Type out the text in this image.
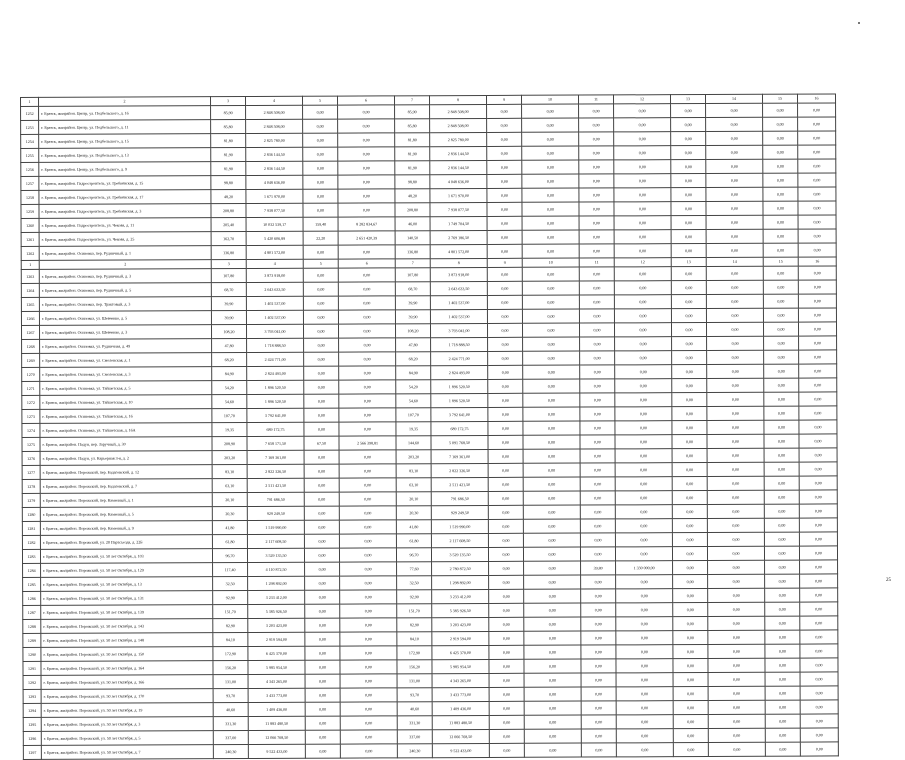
1	2	3	4	5	6	7	8	9	10	11	12	13	14	15	16
1252	г. Братск, жилрайон. Центр, ул. Подбельского, д. 16	85,90	2 848 508,00	0,00	0,00	85,90	2 848 508,00	0,00	0,00	0,00	0,00	0,00	0,00	0,00	0,00
1253	г. Братск, жилрайон. Центр, ул. Подбельского, д. 11	85,80	2 848 508,00	0,00	0,00	85,80	2 848 508,00	0,00	0,00	0,00	0,00	0,00	0,00	0,00	0,00
1254	г. Братск, жилрайон. Центр, ул. Подбельского, д. 15	81,80	2 825 780,00	0,00	0,00	81,80	2 825 780,00	0,00	0,00	0,00	0,00	0,00	0,00	0,00	0,00
1255	г. Братск, жилрайон. Центр, ул. Подбельского, д. 13	81,90	2 836 144,50	0,00	0,00	81,90	2 836 144,50	0,00	0,00	0,00	0,00	0,00	0,00	0,00	0,00
1256	г. Братск, жилрайон. Центр, ул. Подбельского, д. 9	81,90	2 836 144,50	0,00	0,00	81,90	2 836 144,50	0,00	0,00	0,00	0,00	0,00	0,00	0,00	0,00
1257	г. Братск, жилрайон. Гидростроитель, ул. Гребнёвская, д. 15	98,80	4 048 636,00	0,00	0,00	98,80	4 048 636,00	0,00	0,00	0,00	0,00	0,00	0,00	0,00	0,00
1258	г. Братск, жилрайон. Гидростроитель, ул. Гребнёвская, д. 17	48,20	1 671 970,00	0,00	0,00	48,20	1 671 970,00	0,00	0,00	0,00	0,00	0,00	0,00	0,00	0,00
1259	г. Братск, жилрайон. Гидростроитель, ул. Гребнёвская, д. 3	208,80	7 938 077,50	0,00	0,00	208,80	7 938 077,50	0,00	0,00	0,00	0,00	0,00	0,00	0,00	0,00
1260	г. Братск, жилрайон. Гидростроитель, ул. Чекова, д. 11	205,40	10 032 539,17	159,40	8 282 834,67	46,00	1 749 704,50	0,00	0,00	0,00	0,00	0,00	0,00	0,00	0,00
1261	г. Братск, жилрайон. Гидростроитель, ул. Чекова, д. 25	162,70	5 420 606,89	22,20	2 651 420,39	140,50	2 769 186,50	0,00	0,00	0,00	0,00	0,00	0,00	0,00	0,00
1262	г. Братск, жилрайон. Осиновка, пер. Рудничный, д. 1	136,80	4 801 572,00	0,00	0,00	136,80	4 801 572,00	0,00	0,00	0,00	0,00	0,00	0,00	0,00	0,00
1	2	3	4	5	6	7	8	9	10	11	12	13	14	15	16
1263	г. Братск, жилрайон. Осиновка, пер. Рудничный, д. 3	107,80	3 873 918,00	0,00	0,00	107,80	3 873 918,00	0,00	0,00	0,00	0,00	0,00	0,00	0,00	0,00
1264	г. Братск, жилрайон. Осиновка, пер. Рудничный, д. 5	68,70	2 643 633,50	0,00	0,00	68,70	2 643 633,50	0,00	0,00	0,00	0,00	0,00	0,00	0,00	0,00
1265	г. Братск, жилрайон. Осиновка, пер. Трактовый, д. 3	39,90	1 402 537,00	0,00	0,00	39,90	1 402 537,00	0,00	0,00	0,00	0,00	0,00	0,00	0,00	0,00
1266	г. Братск, жилрайон. Осиновка, ул. Шевченко, д. 5	39,90	1 402 537,00	0,00	0,00	39,90	1 402 537,00	0,00	0,00	0,00	0,00	0,00	0,00	0,00	0,00
1267	г. Братск, жилрайон. Осиновка, ул. Шевченко, д. 3	108,20	3 793 041,00	0,00	0,00	108,20	3 793 041,00	0,00	0,00	0,00	0,00	0,00	0,00	0,00	0,00
1268	г. Братск, жилрайон. Осиновка, ул. Рудничная, д. 49	47,80	1 718 888,50	0,00	0,00	47,80	1 718 888,50	0,00	0,00	0,00	0,00	0,00	0,00	0,00	0,00
1269	г. Братск, жилрайон. Осиновка, ул. Смоленская, д. 1	68,20	2 424 771,00	0,00	0,00	68,20	2 424 771,00	0,00	0,00	0,00	0,00	0,00	0,00	0,00	0,00
1270	г. Братск, жилрайон. Осиновка, ул. Смоленская, д. 3	84,90	2 824 493,00	0,00	0,00	84,90	2 824 493,00	0,00	0,00	0,00	0,00	0,00	0,00	0,00	0,00
1271	г. Братск, жилрайон. Осиновка, ул. Тайшетская, д. 5	54,20	1 896 520,50	0,00	0,00	54,20	1 896 520,50	0,00	0,00	0,00	0,00	0,00	0,00	0,00	0,00
1272	г. Братск, жилрайон. Осиновка, ул. Тайшетская, д. 10	54,60	1 896 520,50	0,00	0,00	54,60	1 896 520,50	0,00	0,00	0,00	0,00	0,00	0,00	0,00	0,00
1273	г. Братск, жилрайон. Осиновка, ул. Тайшетская, д. 16	107,70	3 792 641,00	0,00	0,00	107,70	3 792 641,00	0,00	0,00	0,00	0,00	0,00	0,00	0,00	0,00
1274	г. Братск, жилрайон. Осиновка, ул. Тайшетская, д. 16А	19,35	689 172,75	0,00	0,00	19,35	689 172,75	0,00	0,00	0,00	0,00	0,00	0,00	0,00	0,00
1275	г. Братск, жилрайон. Падун, пер. Заручный, д. 30	208,90	7 658 171,50	67,50	2 566 398,81	144,60	5 091 768,50	0,00	0,00	0,00	0,00	0,00	0,00	0,00	0,00
1276	г. Братск, жилрайон. Падун, ул. Карьерная 3-я, д. 2	203,20	7 169 361,00	0,00	0,00	203,20	7 169 361,00	0,00	0,00	0,00	0,00	0,00	0,00	0,00	0,00
1277	г. Братск, жилрайон. Порожский, пер. Бадаговский, д. 12	83,10	2 822 326,50	0,00	0,00	83,10	2 822 326,50	0,00	0,00	0,00	0,00	0,00	0,00	0,00	0,00
1278	г. Братск, жилрайон. Порожский, пер. Бадаговский, д. 7	63,10	2 511 421,50	0,00	0,00	63,10	2 511 421,50	0,00	0,00	0,00	0,00	0,00	0,00	0,00	0,00
1279	г. Братск, жилрайон. Порожский, пер. Каменный, д. 1	20,10	791 686,50	0,00	0,00	20,10	791 686,50	0,00	0,00	0,00	0,00	0,00	0,00	0,00	0,00
1280	г. Братск, жилрайон. Порожский, пер. Каменный, д. 5	20,30	929 249,50	0,00	0,00	20,30	929 249,50	0,00	0,00	0,00	0,00	0,00	0,00	0,00	0,00
1281	г. Братск, жилрайон. Порожский, пер. Каменный, д. 9	41,80	1 519 990,00	0,00	0,00	41,80	1 519 990,00	0,00	0,00	0,00	0,00	0,00	0,00	0,00	0,00
1282	г. Братск, жилрайон. Порожский, ул. 20 Партсъезда, д. 22Б	61,80	2 117 608,50	0,00	0,00	61,80	2 117 608,50	0,00	0,00	0,00	0,00	0,00	0,00	0,00	0,00
1283	г. Братск, жилрайон. Порожский, ул. 50 лет Октября, д. 103	96,70	3 529 135,50	0,00	0,00	96,70	3 529 135,50	0,00	0,00	0,00	0,00	0,00	0,00	0,00	0,00
1284	г. Братск, жилрайон. Порожский, ул. 50 лет Октября, д. 129	117,40	4 110 872,50	0,00	0,00	77,60	2 780 872,50	0,00	0,00	39,80	1 330 000,00	0,00	0,00	0,00	0,00
1285	г. Братск, жилрайон. Порожский, ул. 50 лет Октября, д. 13	32,50	1 298 892,00	0,00	0,00	32,50	1 298 892,00	0,00	0,00	0,00	0,00	0,00	0,00	0,00	0,00
1286	г. Братск, жилрайон. Порожский, ул. 50 лет Октября, д. 131	92,90	3 233 412,00	0,00	0,00	92,90	3 233 412,00	0,00	0,00	0,00	0,00	0,00	0,00	0,00	0,00
1287	г. Братск, жилрайон. Порожский, ул. 50 лет Октября, д. 139	151,70	5 385 926,50	0,00	0,00	151,70	5 385 926,50	0,00	0,00	0,00	0,00	0,00	0,00	0,00	0,00
1288	г. Братск, жилрайон. Порожский, ул. 50 лет Октября, д. 143	82,90	3 203 423,00	0,00	0,00	82,90	3 203 423,00	0,00	0,00	0,00	0,00	0,00	0,00	0,00	0,00
1289	г. Братск, жилрайон. Порожский, ул. 50 лет Октября, д. 148	84,10	2 919 594,00	0,00	0,00	84,10	2 919 594,00	0,00	0,00	0,00	0,00	0,00	0,00	0,00	0,00
1290	г. Братск, жилрайон. Порожский, ул. 50 лет Октября, д. 150	172,90	6 425 370,00	0,00	0,00	172,90	6 425 370,00	0,00	0,00	0,00	0,00	0,00	0,00	0,00	0,00
1291	г. Братск, жилрайон. Порожский, ул. 50 лет Октября, д. 164	156,20	5 985 954,50	0,00	0,00	156,20	5 985 954,50	0,00	0,00	0,00	0,00	0,00	0,00	0,00	0,00
1292	г. Братск, жилрайон. Порожский, ул. 50 лет Октября, д. 166	131,00	4 343 265,00	0,00	0,00	131,00	4 343 265,00	0,00	0,00	0,00	0,00	0,00	0,00	0,00	0,00
1293	г. Братск, жилрайон. Порожский, ул. 50 лет Октября, д. 170	93,70	3 433 773,00	0,00	0,00	93,70	3 433 773,00	0,00	0,00	0,00	0,00	0,00	0,00	0,00	0,00
1294	г. Братск, жилрайон. Порожский, ул. 50 лет Октября, д. 19	40,60	1 409 436,00	0,00	0,00	40,60	1 409 436,00	0,00	0,00	0,00	0,00	0,00	0,00	0,00	0,00
1295	г. Братск, жилрайон. Порожский, ул. 50 лет Октября, д. 3	331,30	11 883 480,50	0,00	0,00	331,30	11 883 480,50	0,00	0,00	0,00	0,00	0,00	0,00	0,00	0,00
1296	г. Братск, жилрайон. Порожский, ул. 50 лет Октября, д. 5	337,00	12 066 768,50	0,00	0,00	337,00	12 066 768,50	0,00	0,00	0,00	0,00	0,00	0,00	0,00	0,00
1297	г. Братск, жилрайон. Порожский, ул. 50 лет Октября, д. 7	240,30	9 522 433,00	0,00	0,00	240,30	9 522 433,00	0,00	0,00	0,00	0,00	0,00	0,00	0,00	0,00
25
